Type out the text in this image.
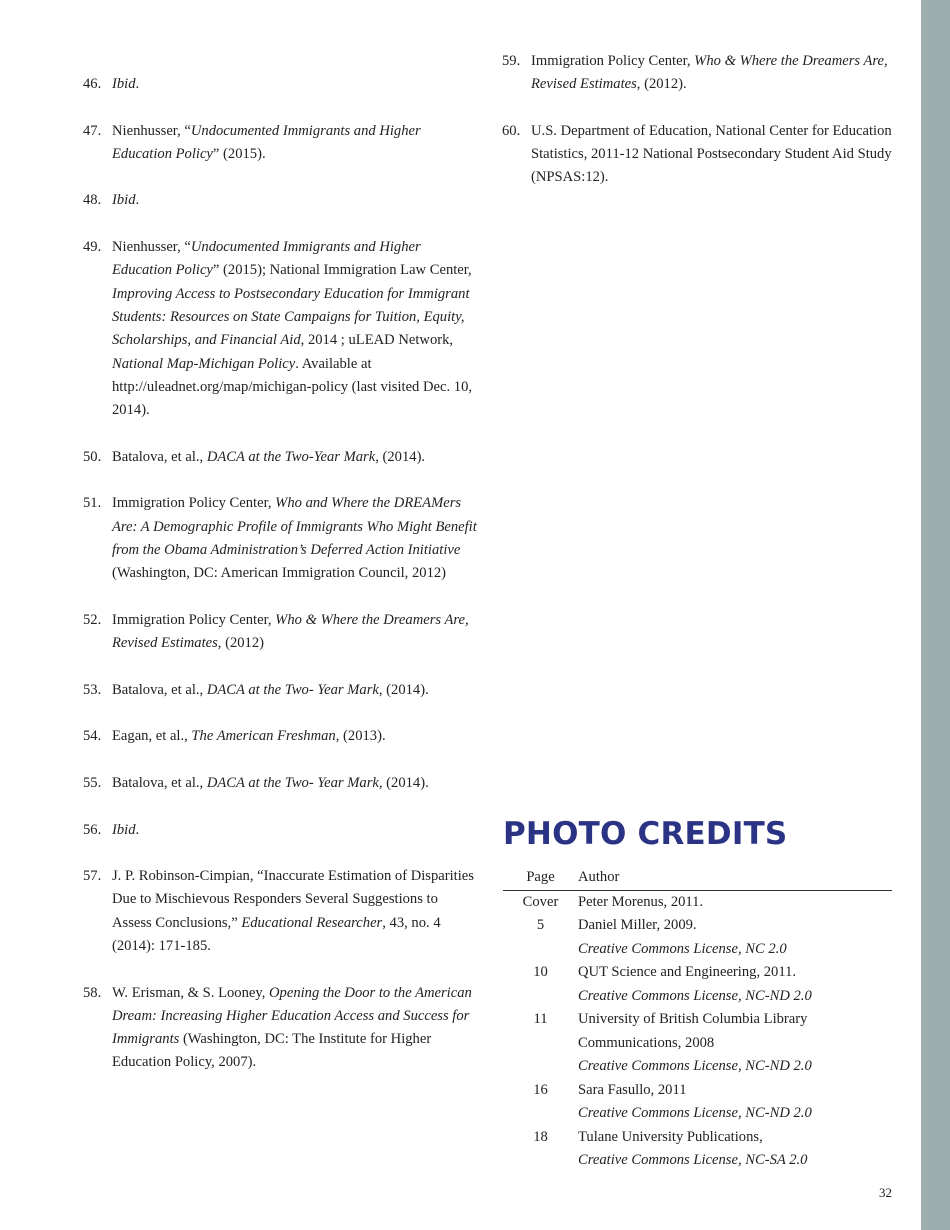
46. Ibid.
47. Nienhusser, “Undocumented Immigrants and Higher Education Policy” (2015).
48. Ibid.
49. Nienhusser, “Undocumented Immigrants and Higher Education Policy” (2015); National Immigration Law Center, Improving Access to Postsecondary Education for Immigrant Students: Resources on State Campaigns for Tuition, Equity, Scholarships, and Financial Aid, 2014 ; uLEAD Network, National Map-Michigan Policy. Available at http://uleadnet.org/map/michigan-policy (last visited Dec. 10, 2014).
50. Batalova, et al., DACA at the Two-Year Mark, (2014).
51. Immigration Policy Center, Who and Where the DREAMers Are: A Demographic Profile of Immigrants Who Might Benefit from the Obama Administration’s Deferred Action Initiative (Washington, DC: American Immigration Council, 2012)
52. Immigration Policy Center, Who & Where the Dreamers Are, Revised Estimates, (2012)
53. Batalova, et al., DACA at the Two- Year Mark, (2014).
54. Eagan, et al., The American Freshman, (2013).
55. Batalova, et al., DACA at the Two- Year Mark, (2014).
56. Ibid.
57. J. P. Robinson-Cimpian, “Inaccurate Estimation of Disparities Due to Mischievous Responders Several Suggestions to Assess Conclusions,” Educational Researcher, 43, no. 4 (2014): 171-185.
58. W. Erisman, & S. Looney, Opening the Door to the American Dream: Increasing Higher Education Access and Success for Immigrants (Washington, DC: The Institute for Higher Education Policy, 2007).
59. Immigration Policy Center, Who & Where the Dreamers Are, Revised Estimates, (2012).
60. U.S. Department of Education, National Center for Education Statistics, 2011-12 National Postsecondary Student Aid Study (NPSAS:12).
PHOTO CREDITS
Page	Author
Cover	Peter Morenus, 2011.

5	Daniel Miller, 2009.
Creative Commons License, NC 2.0

10	QUT Science and Engineering, 2011.
Creative Commons License, NC-ND 2.0

11	University of British Columbia Library Communications, 2008
Creative Commons License, NC-ND 2.0

16	Sara Fasullo, 2011
Creative Commons License, NC-ND 2.0

18	Tulane University Publications,
Creative Commons License, NC-SA 2.0
32
